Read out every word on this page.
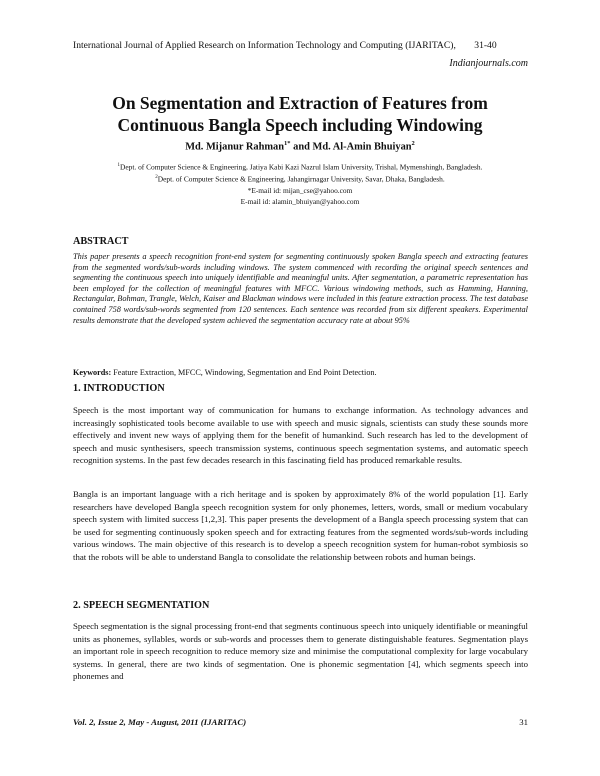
International Journal of Applied Research on Information Technology and Computing (IJARITAC), 31-40
Indianjournals.com
On Segmentation and Extraction of Features from
Continuous Bangla Speech including Windowing
Md. Mijanur Rahman$^{1*}$ and Md. Al-Amin Bhuiyan$^2$
$^1$Dept. of Computer Science & Engineering, Jatiya Kabi Kazi Nazrul Islam University, Trishal, Mymenshingh, Bangladesh.
$^2$Dept. of Computer Science & Engineering, Jahangirnagar University, Savar, Dhaka, Bangladesh.
*E-mail id: mijan_cse@yahoo.com
E-mail id: alamin_bhuiyan@yahoo.com
ABSTRACT
This paper presents a speech recognition front-end system for segmenting continuously spoken Bangla speech and extracting features from the segmented words/sub-words including windows. The system commenced with recording the original speech sentences and segmenting the continuous speech into uniquely identifiable and meaningful units. After segmentation, a parametric representation has been employed for the collection of meaningful features with MFCC. Various windowing methods, such as Hamming, Hanning, Rectangular, Bohman, Trangle, Welch, Kaiser and Blackman windows were included in this feature extraction process. The test database contained 758 words/sub-words segmented from 120 sentences. Each sentence was recorded from six different speakers. Experimental results demonstrate that the developed system achieved the segmentation accuracy rate at about 95%
Keywords: Feature Extraction, MFCC, Windowing, Segmentation and End Point Detection.
1. INTRODUCTION
Speech is the most important way of communication for humans to exchange information. As technology advances and increasingly sophisticated tools become available to use with speech and music signals, scientists can study these sounds more effectively and invent new ways of applying them for the benefit of humankind. Such research has led to the development of speech and music synthesisers, speech transmission systems, continuous speech segmentation systems, and automatic speech recognition systems. In the past few decades research in this fascinating field has produced remarkable results.
Bangla is an important language with a rich heritage and is spoken by approximately 8% of the world population [1]. Early researchers have developed Bangla speech recognition system for only phonemes, letters, words, small or medium vocabulary speech system with limited success [1,2,3]. This paper presents the development of a Bangla speech processing system that can be used for segmenting continuously spoken speech and for extracting features from the segmented words/sub-words including various windows. The main objective of this research is to develop a speech recognition system for human-robot symbiosis so that the robots will be able to understand Bangla to consolidate the relationship between robots and human beings.
2. SPEECH SEGMENTATION
Speech segmentation is the signal processing front-end that segments continuous speech into uniquely identifiable or meaningful units as phonemes, syllables, words or sub-words and processes them to generate distinguishable features. Segmentation plays an important role in speech recognition to reduce memory size and minimise the computational complexity for large vocabulary systems. In general, there are two kinds of segmentation. One is phonemic segmentation [4], which segments speech into phonemes and
Vol. 2, Issue 2, May - August, 2011 (IJARITAC)	31
